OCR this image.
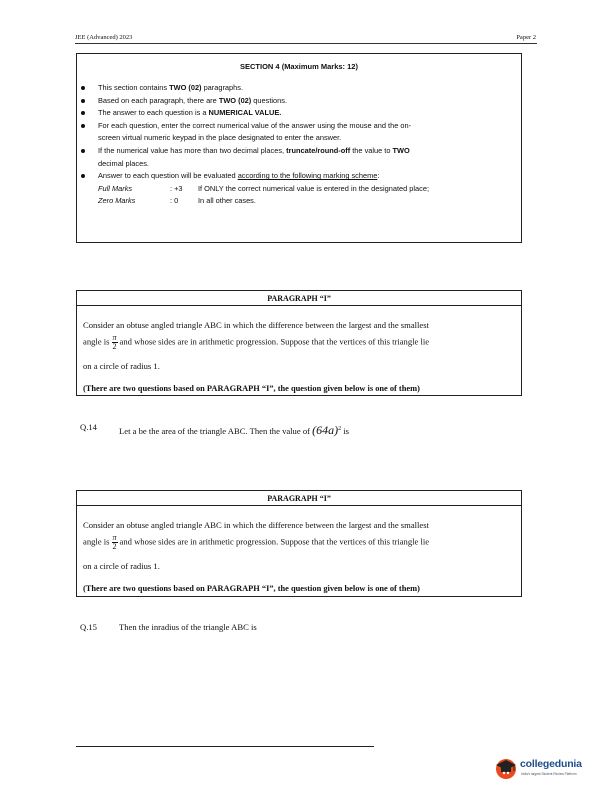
JEE (Advanced) 2023	Paper 2
SECTION 4 (Maximum Marks: 12)
This section contains TWO (02) paragraphs.
Based on each paragraph, there are TWO (02) questions.
The answer to each question is a NUMERICAL VALUE.
For each question, enter the correct numerical value of the answer using the mouse and the on-
screen virtual numeric keypad in the place designated to enter the answer.
If the numerical value has more than two decimal places, truncate/round-off the value to TWO
decimal places.
Answer to each question will be evaluated according to the following marking scheme:
Full Marks	: +3 If ONLY the correct numerical value is entered in the designated place;
Zero Marks	: 0	In all other cases.
PARAGRAPH “I”
Consider an obtuse angled triangle ABC in which the difference between the largest and the smallest
angle is $\frac{\pi}{2}$ and whose sides are in arithmetic progression. Suppose that the vertices of this triangle lie
on a circle of radius 1.
(There are two questions based on PARAGRAPH “I”, the question given below is one of them)
Q.14	Let a be the area of the triangle ABC. Then the value of $(64a)^2$ is
PARAGRAPH “I”
Consider an obtuse angled triangle ABC in which the difference between the largest and the smallest
angle is $\frac{\pi}{2}$ and whose sides are in arithmetic progression. Suppose that the vertices of this triangle lie
on a circle of radius 1.
(There are two questions based on PARAGRAPH “I”, the question given below is one of them)
Q.15	Then the inradius of the triangle ABC is
collegedunia
India's largest Student Review Platform
